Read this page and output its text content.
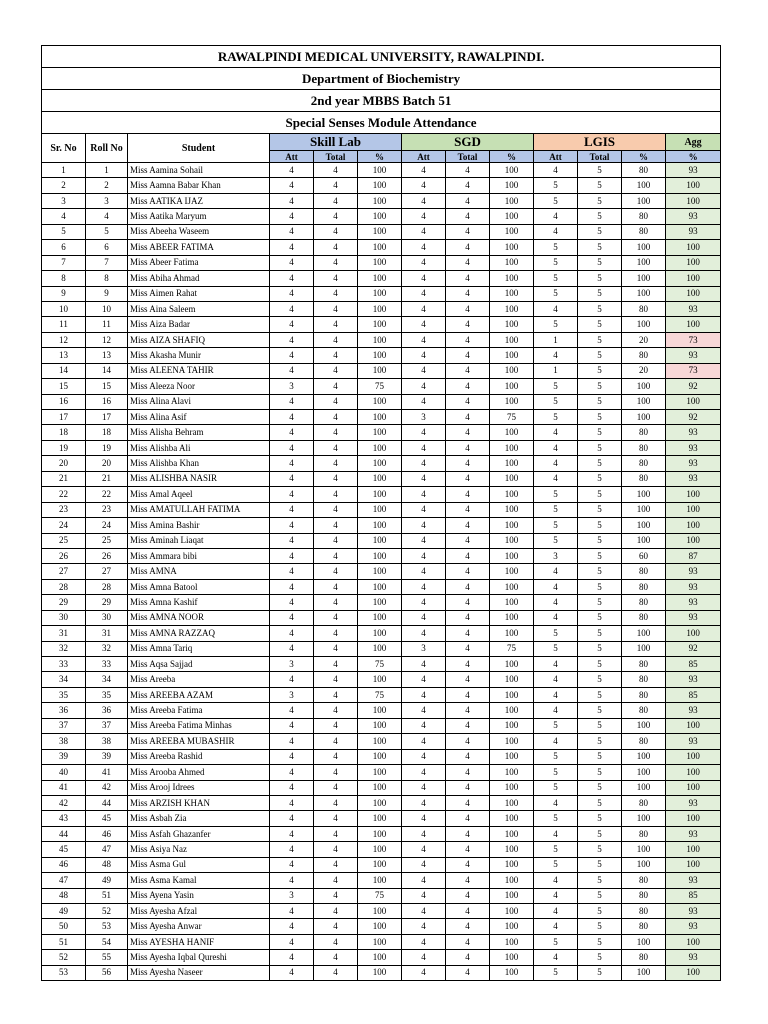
RAWALPINDI MEDICAL UNIVERSITY, RAWALPINDI.												
Department of Biochemistry												
2nd year MBBS Batch 51												
Special Senses Module Attendance												
Sr. No	Roll No	Student	Skill Lab			SGD			LGIS			Agg
			Att	Total	%	Att	Total	%	Att	Total	%	%
1	1	Miss Aamina Sohail	4	4	100	4	4	100	4	5	80	93
2	2	Miss Aamna Babar Khan	4	4	100	4	4	100	5	5	100	100
3	3	Miss AATIKA IJAZ	4	4	100	4	4	100	5	5	100	100
4	4	Miss Aatika Maryum	4	4	100	4	4	100	4	5	80	93
5	5	Miss Abeeha Waseem	4	4	100	4	4	100	4	5	80	93
6	6	Miss ABEER FATIMA	4	4	100	4	4	100	5	5	100	100
7	7	Miss Abeer Fatima	4	4	100	4	4	100	5	5	100	100
8	8	Miss Abiha Ahmad	4	4	100	4	4	100	5	5	100	100
9	9	Miss Aimen Rahat	4	4	100	4	4	100	5	5	100	100
10	10	Miss Aina Saleem	4	4	100	4	4	100	4	5	80	93
11	11	Miss Aiza Badar	4	4	100	4	4	100	5	5	100	100
12	12	Miss AIZA SHAFIQ	4	4	100	4	4	100	1	5	20	73
13	13	Miss Akasha Munir	4	4	100	4	4	100	4	5	80	93
14	14	Miss ALEENA TAHIR	4	4	100	4	4	100	1	5	20	73
15	15	Miss Aleeza Noor	3	4	75	4	4	100	5	5	100	92
16	16	Miss Alina Alavi	4	4	100	4	4	100	5	5	100	100
17	17	Miss Alina Asif	4	4	100	3	4	75	5	5	100	92
18	18	Miss Alisha Behram	4	4	100	4	4	100	4	5	80	93
19	19	Miss Alishba Ali	4	4	100	4	4	100	4	5	80	93
20	20	Miss Alishba Khan	4	4	100	4	4	100	4	5	80	93
21	21	Miss ALISHBA NASIR	4	4	100	4	4	100	4	5	80	93
22	22	Miss Amal Aqeel	4	4	100	4	4	100	5	5	100	100
23	23	Miss AMATULLAH FATIMA	4	4	100	4	4	100	5	5	100	100
24	24	Miss Amina Bashir	4	4	100	4	4	100	5	5	100	100
25	25	Miss Aminah Liaqat	4	4	100	4	4	100	5	5	100	100
26	26	Miss Ammara bibi	4	4	100	4	4	100	3	5	60	87
27	27	Miss AMNA	4	4	100	4	4	100	4	5	80	93
28	28	Miss Amna Batool	4	4	100	4	4	100	4	5	80	93
29	29	Miss Amna Kashif	4	4	100	4	4	100	4	5	80	93
30	30	Miss AMNA NOOR	4	4	100	4	4	100	4	5	80	93
31	31	Miss AMNA RAZZAQ	4	4	100	4	4	100	5	5	100	100
32	32	Miss Amna Tariq	4	4	100	3	4	75	5	5	100	92
33	33	Miss Aqsa Sajjad	3	4	75	4	4	100	4	5	80	85
34	34	Miss Areeba	4	4	100	4	4	100	4	5	80	93
35	35	Miss AREEBA AZAM	3	4	75	4	4	100	4	5	80	85
36	36	Miss Areeba Fatima	4	4	100	4	4	100	4	5	80	93
37	37	Miss Areeba Fatima Minhas	4	4	100	4	4	100	5	5	100	100
38	38	Miss AREEBA MUBASHIR	4	4	100	4	4	100	4	5	80	93
39	39	Miss Areeba Rashid	4	4	100	4	4	100	5	5	100	100
40	41	Miss Arooba Ahmed	4	4	100	4	4	100	5	5	100	100
41	42	Miss Arooj Idrees	4	4	100	4	4	100	5	5	100	100
42	44	Miss ARZISH KHAN	4	4	100	4	4	100	4	5	80	93
43	45	Miss Asbah Zia	4	4	100	4	4	100	5	5	100	100
44	46	Miss Asfah Ghazanfer	4	4	100	4	4	100	4	5	80	93
45	47	Miss Asiya Naz	4	4	100	4	4	100	5	5	100	100
46	48	Miss Asma Gul	4	4	100	4	4	100	5	5	100	100
47	49	Miss Asma Kamal	4	4	100	4	4	100	4	5	80	93
48	51	Miss Ayena Yasin	3	4	75	4	4	100	4	5	80	85
49	52	Miss Ayesha Afzal	4	4	100	4	4	100	4	5	80	93
50	53	Miss Ayesha Anwar	4	4	100	4	4	100	4	5	80	93
51	54	Miss AYESHA HANIF	4	4	100	4	4	100	5	5	100	100
52	55	Miss Ayesha Iqbal Qureshi	4	4	100	4	4	100	4	5	80	93
53	56	Miss Ayesha Naseer	4	4	100	4	4	100	5	5	100	100
